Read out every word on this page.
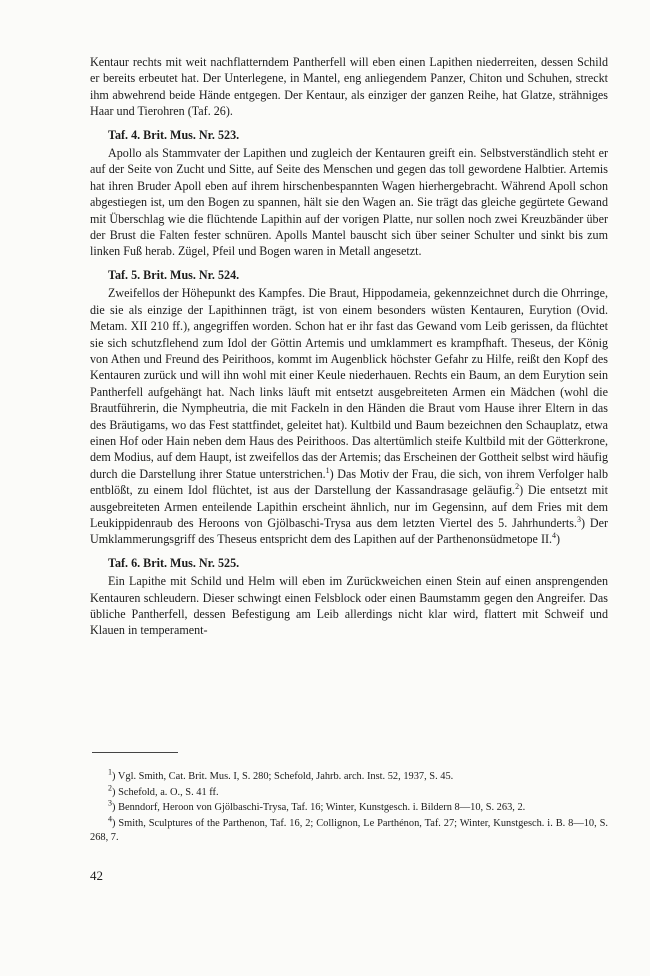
Kentaur rechts mit weit nachflatterndem Pantherfell will eben einen Lapithen niederreiten, dessen Schild er bereits erbeutet hat. Der Unterlegene, in Mantel, eng anliegendem Panzer, Chiton und Schuhen, streckt ihm abwehrend beide Hände entgegen. Der Kentaur, als einziger der ganzen Reihe, hat Glatze, strähniges Haar und Tierohren (Taf. 26).

Taf. 4. Brit. Mus. Nr. 523.

Apollo als Stammvater der Lapithen und zugleich der Kentauren greift ein. Selbstverständlich steht er auf der Seite von Zucht und Sitte, auf Seite des Menschen und gegen das toll gewordene Halbtier. Artemis hat ihren Bruder Apoll eben auf ihrem hirschenbespannten Wagen hierhergebracht. Während Apoll schon abgestiegen ist, um den Bogen zu spannen, hält sie den Wagen an. Sie trägt das gleiche gegürtete Gewand mit Überschlag wie die flüchtende Lapithin auf der vorigen Platte, nur sollen noch zwei Kreuzbänder über der Brust die Falten fester schnüren. Apolls Mantel bauscht sich über seiner Schulter und sinkt bis zum linken Fuß herab. Zügel, Pfeil und Bogen waren in Metall angesetzt.

Taf. 5. Brit. Mus. Nr. 524.

Zweifellos der Höhepunkt des Kampfes. Die Braut, Hippodameia, gekennzeichnet durch die Ohrringe, die sie als einzige der Lapithinnen trägt, ist von einem besonders wüsten Kentauren, Eurytion (Ovid. Metam. XII 210 ff.), angegriffen worden. Schon hat er ihr fast das Gewand vom Leib gerissen, da flüchtet sie sich schutzflehend zum Idol der Göttin Artemis und umklammert es krampfhaft. Theseus, der König von Athen und Freund des Peirithoos, kommt im Augenblick höchster Gefahr zu Hilfe, reißt den Kopf des Kentauren zurück und will ihn wohl mit einer Keule niederhauen. Rechts ein Baum, an dem Eurytion sein Pantherfell aufgehängt hat. Nach links läuft mit entsetzt ausgebreiteten Armen ein Mädchen (wohl die Brautführerin, die Nympheutria, die mit Fackeln in den Händen die Braut vom Hause ihrer Eltern in das des Bräutigams, wo das Fest stattfindet, geleitet hat). Kultbild und Baum bezeichnen den Schauplatz, etwa einen Hof oder Hain neben dem Haus des Peirithoos. Das altertümlich steife Kultbild mit der Götterkrone, dem Modius, auf dem Haupt, ist zweifellos das der Artemis; das Erscheinen der Gottheit selbst wird häufig durch die Darstellung ihrer Statue unterstrichen.$^1$) Das Motiv der Frau, die sich, von ihrem Verfolger halb entblößt, zu einem Idol flüchtet, ist aus der Darstellung der Kassandrasage geläufig.$^2$) Die entsetzt mit ausgebreiteten Armen enteilende Lapithin erscheint ähnlich, nur im Gegensinn, auf dem Fries mit dem Leukippidenraub des Heroons von Gjölbaschi-Trysa aus dem letzten Viertel des 5. Jahrhunderts.$^3$) Der Umklammerungsgriff des Theseus entspricht dem des Lapithen auf der Parthenonsüdmetope II.$^4$)

Taf. 6. Brit. Mus. Nr. 525.

Ein Lapithe mit Schild und Helm will eben im Zurückweichen einen Stein auf einen ansprengenden Kentauren schleudern. Dieser schwingt einen Felsblock oder einen Baumstamm gegen den Angreifer. Das übliche Pantherfell, dessen Befestigung am Leib allerdings nicht klar wird, flattert mit Schweif und Klauen in temperament-

$^1$) Vgl. Smith, Cat. Brit. Mus. I, S. 280; Schefold, Jahrb. arch. Inst. 52, 1937, S. 45.

$^2$) Schefold, a. O., S. 41 ff.

$^3$) Benndorf, Heroon von Gjölbaschi-Trysa, Taf. 16; Winter, Kunstgesch. i. Bildern 8—10, S. 263, 2.

$^4$) Smith, Sculptures of the Parthenon, Taf. 16, 2; Collignon, Le Parthénon, Taf. 27; Winter, Kunstgesch. i. B. 8—10, S. 268, 7.

42
